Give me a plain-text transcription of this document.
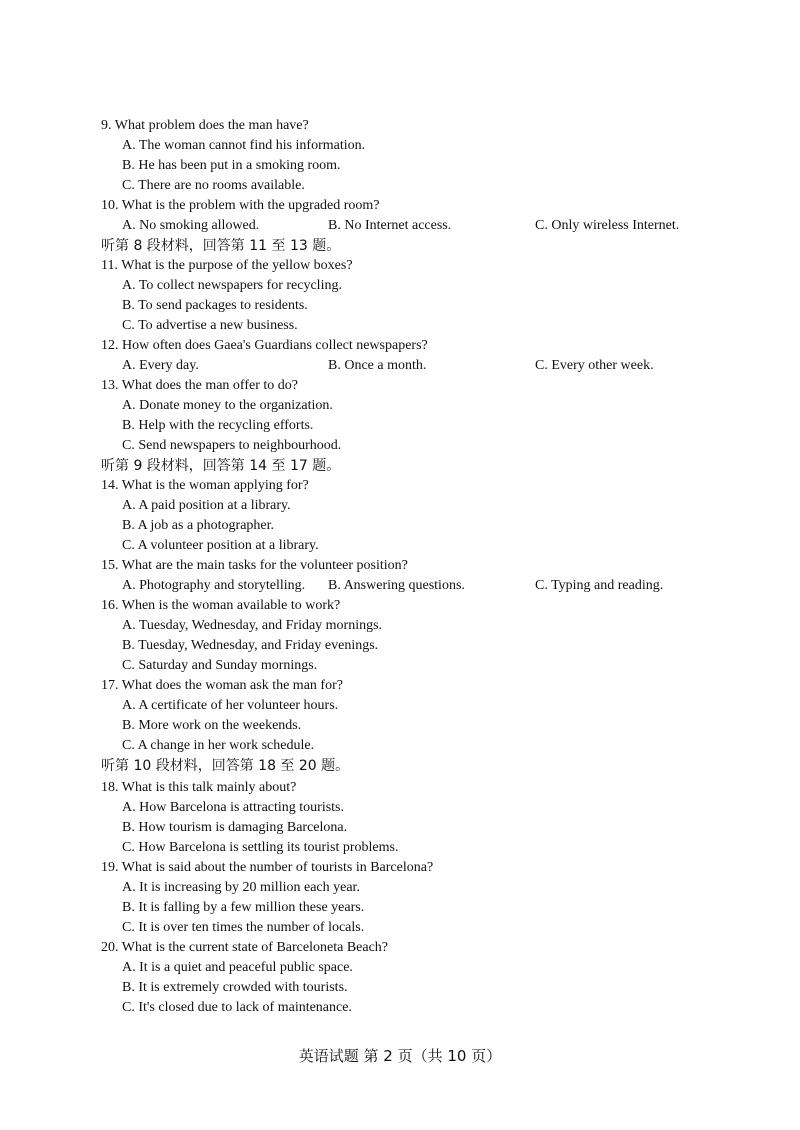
9. What problem does the man have?
A. The woman cannot find his information.
B. He has been put in a smoking room.
C. There are no rooms available.
10. What is the problem with the upgraded room?
A. No smoking allowed.	B. No Internet access.	C. Only wireless Internet.
听第 8 段材料，回答第 11 至 13 题。
11. What is the purpose of the yellow boxes?
A. To collect newspapers for recycling.
B. To send packages to residents.
C. To advertise a new business.
12. How often does Gaea's Guardians collect newspapers?
A. Every day.	B. Once a month.	C. Every other week.
13. What does the man offer to do?
A. Donate money to the organization.
B. Help with the recycling efforts.
C. Send newspapers to neighbourhood.
听第 9 段材料，回答第 14 至 17 题。
14. What is the woman applying for?
A. A paid position at a library.
B. A job as a photographer.
C. A volunteer position at a library.
15. What are the main tasks for the volunteer position?
A. Photography and storytelling. B. Answering questions.	C. Typing and reading.
16. When is the woman available to work?
A. Tuesday, Wednesday, and Friday mornings.
B. Tuesday, Wednesday, and Friday evenings.
C. Saturday and Sunday mornings.
17. What does the woman ask the man for?
A. A certificate of her volunteer hours.
B. More work on the weekends.
C. A change in her work schedule.
听第 10 段材料，回答第 18 至 20 题。
18. What is this talk mainly about?
A. How Barcelona is attracting tourists.
B. How tourism is damaging Barcelona.
C. How Barcelona is settling its tourist problems.
19. What is said about the number of tourists in Barcelona?
A. It is increasing by 20 million each year.
B. It is falling by a few million these years.
C. It is over ten times the number of locals.
20. What is the current state of Barceloneta Beach?
A. It is a quiet and peaceful public space.
B. It is extremely crowded with tourists.
C. It's closed due to lack of maintenance.
英语试题 第 2 页（共 10 页）
